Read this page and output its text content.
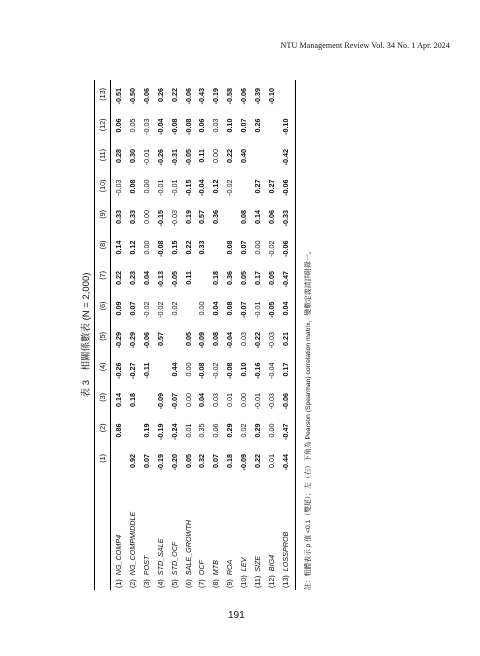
NTU Management Review Vol. 34 No. 1 Apr. 2024
表 3　相關係數表 (N = 2,000)	註：粗體表示 p 值 <0.1（雙尾）；左（右）下角為 Pearson (Spearman) correlation matrix，變數定義請詳附錄一。
(1)
(2)
(3)
(4)
(5)
(6)
(7)
(8)
(9)
(10)
(11)
(12)
(13)
(1)  NG_COMP4
0.86
0.14
-0.26
-0.29
0.09
0.22
0.14
0.33
-0.03
0.28
0.06
-0.51
(2)  NG_COMPMIDDLE
0.92
0.18
-0.27
-0.29
0.07
0.23
0.12
0.33
0.08
0.30
0.05
-0.50
(3)  POST
0.07
0.19
-0.11
-0.06
-0.02
0.04
0.00
0.00
0.00
-0.01
-0.03
-0.06
(4)  STD_SALE
-0.19
-0.19
-0.09
0.57
-0.02
-0.13
-0.08
-0.15
-0.01
-0.26
-0.04
0.26
(5)  STD_OCF
-0.20
-0.24
-0.07
0.44
0.02
-0.05
0.15
-0.03
-0.01
-0.31
-0.08
0.22
(6)  SALE_GROWTH
0.05
0.01
0.00
0.00
0.05
0.11
0.22
0.19
-0.15
-0.05
-0.08
-0.06
(7)  OCF
0.32
0.35
0.04
-0.08
-0.09
0.00
0.33
0.57
-0.04
0.11
0.06
-0.43
(8)  MTB
0.07
0.06
0.03
-0.02
0.08
0.04
0.18
0.36
0.12
0.00
0.03
-0.19
(9)  ROA
0.18
0.29
0.01
-0.08
-0.04
0.08
0.36
0.08
-0.02
0.22
0.10
-0.58
(10)  LEV
-0.09
0.02
0.00
0.10
0.03
-0.07
0.05
0.07
0.08
0.40
0.07
-0.06
(11)  SIZE
0.22
0.29
-0.01
-0.16
-0.22
-0.01
0.17
0.00
0.14
0.27
0.26
-0.39
(12)  BIG4
0.01
0.00
-0.03
-0.04
-0.03
-0.05
0.05
-0.02
0.06
0.27
-0.10
(13)  LOSSPROB
-0.44
-0.47
-0.06
0.17
0.21
0.04
-0.47
-0.06
-0.33
-0.06
-0.42
-0.10
191
